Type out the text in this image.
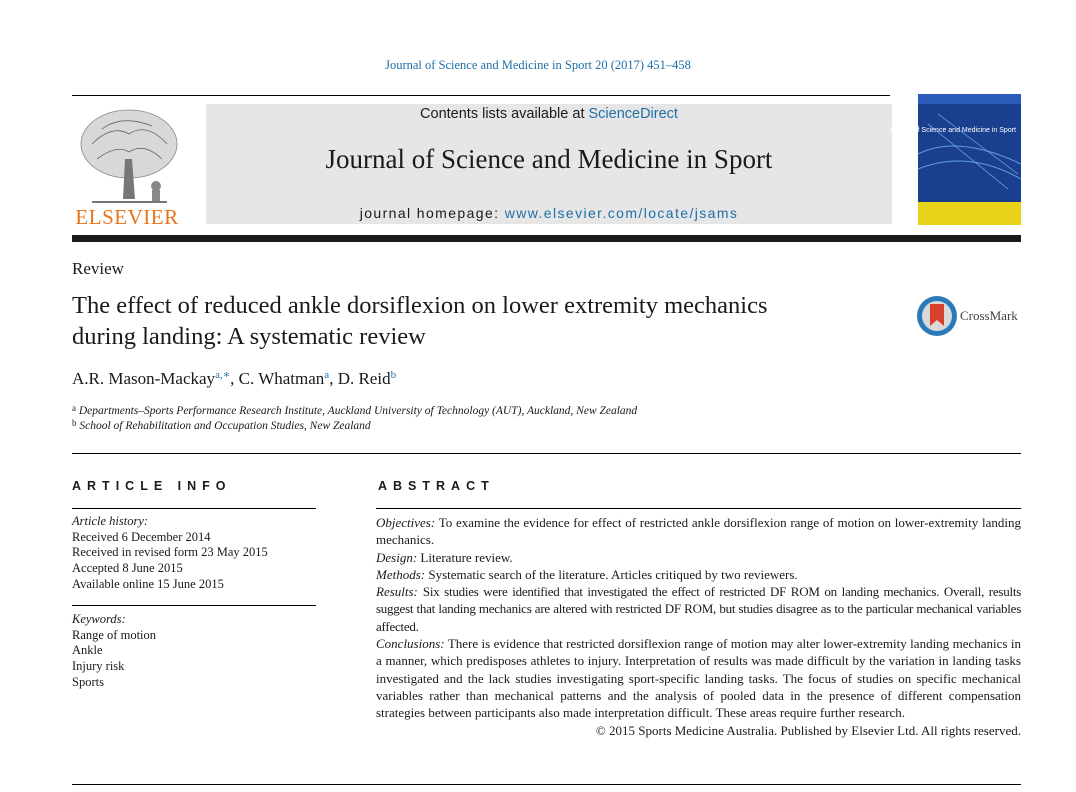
Journal of Science and Medicine in Sport 20 (2017) 451–458
ELSEVIER
Contents lists available at ScienceDirect
Journal of Science and Medicine in Sport
journal homepage: www.elsevier.com/locate/jsams
Journal of Science and Medicine in Sport
Review
The effect of reduced ankle dorsiflexion on lower extremity mechanics during landing: A systematic review
CrossMark
A.R. Mason-Mackay$^{a,∗}$, C. Whatman$^a$, D. Reid$^b$
$^a$ Departments–Sports Performance Research Institute, Auckland University of Technology (AUT), Auckland, New Zealand
$^b$ School of Rehabilitation and Occupation Studies, New Zealand
ARTICLE INFO	ABSTRACT
Article history:
Received 6 December 2014
Received in revised form 23 May 2015
Accepted 8 June 2015
Available online 15 June 2015
Keywords:
Range of motion
Ankle
Injury risk
Sports

Objectives: To examine the evidence for effect of restricted ankle dorsiflexion range of motion on lower-extremity landing mechanics.

Design: Literature review.

Methods: Systematic search of the literature. Articles critiqued by two reviewers.

Results: Six studies were identified that investigated the effect of restricted DF ROM on landing mechanics. Overall, results suggest that landing mechanics are altered with restricted DF ROM, but studies disagree as to the particular mechanical variables affected.

Conclusions: There is evidence that restricted dorsiflexion range of motion may alter lower-extremity landing mechanics in a manner, which predisposes athletes to injury. Interpretation of results was made difficult by the variation in landing tasks investigated and the lack studies investigating sport-specific landing tasks. The focus of studies on specific mechanical variables rather than mechanical patterns and the analysis of pooled data in the presence of different compensation strategies between participants also made interpretation difficult. These areas require further research.

© 2015 Sports Medicine Australia. Published by Elsevier Ltd. All rights reserved.
